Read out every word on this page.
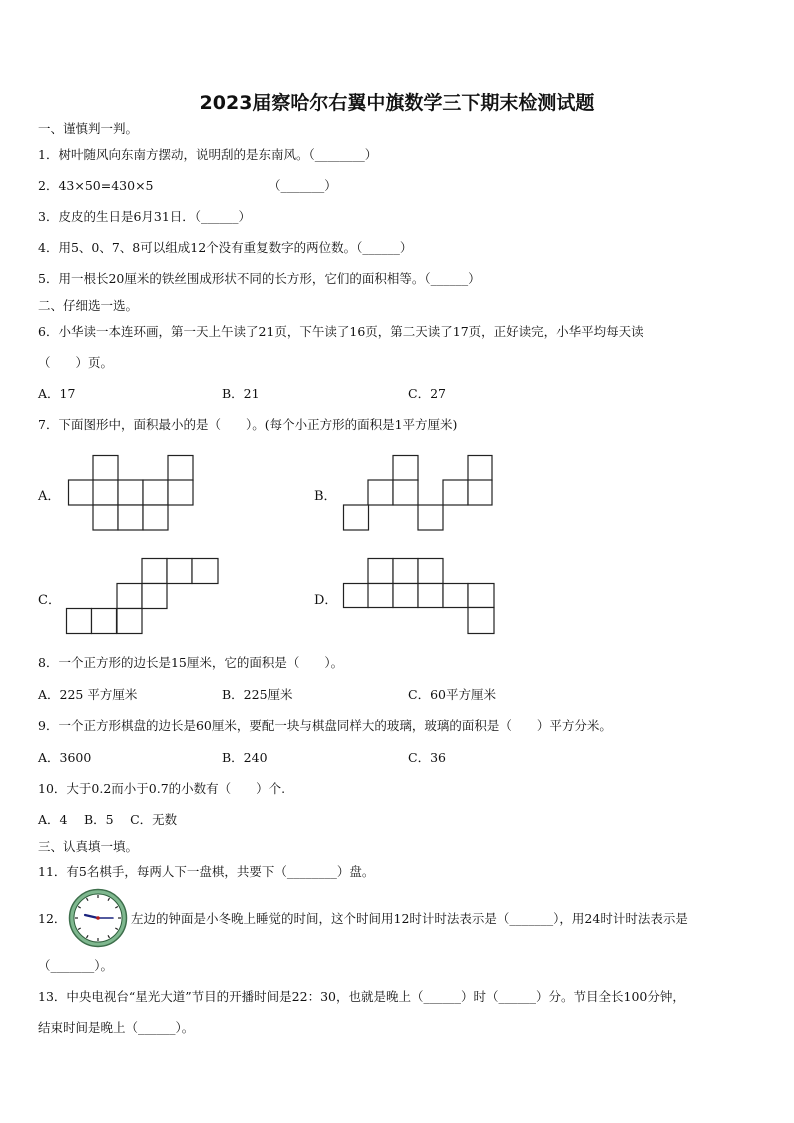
2023届察哈尔右翼中旗数学三下期末检测试题
一、谨慎判一判。
1．树叶随风向东南方摆动，说明刮的是东南风。（________）
2．43×50=430×5	（_______）
3．皮皮的生日是6月31日．（______）
4．用5、0、7、8可以组成12个没有重复数字的两位数。（______）
5．用一根长20厘米的铁丝围成形状不同的长方形，它们的面积相等。（______）
二、仔细选一选。
6．小华读一本连环画，第一天上午读了21页，下午读了16页，第二天读了17页，正好读完，小华平均每天读
（　　）页。
A．17	B．21	C．27
7．下面图形中，面积最小的是（　　）。(每个小正方形的面积是1平方厘米)
A．	B．
C．	D．
8．一个正方形的边长是15厘米，它的面积是（　　）。
A．225 平方厘米	B．225厘米	C．60平方厘米
9．一个正方形棋盘的边长是60厘米，要配一块与棋盘同样大的玻璃，玻璃的面积是（　　）平方分米。
A．3600	B．240	C．36
10．大于0.2而小于0.7的小数有（　　）个.
A．4　 B．5　 C．无数
三、认真填一填。
11．有5名棋手，每两人下一盘棋，共要下（________）盘。
12．	左边的钟面是小冬晚上睡觉的时间，这个时间用12时计时法表示是（_______），用24时计时法表示是
（_______）。
13．中央电视台“星光大道”节目的开播时间是22：30，也就是晚上（______）时（______）分。节目全长100分钟，
结束时间是晚上（______）。
